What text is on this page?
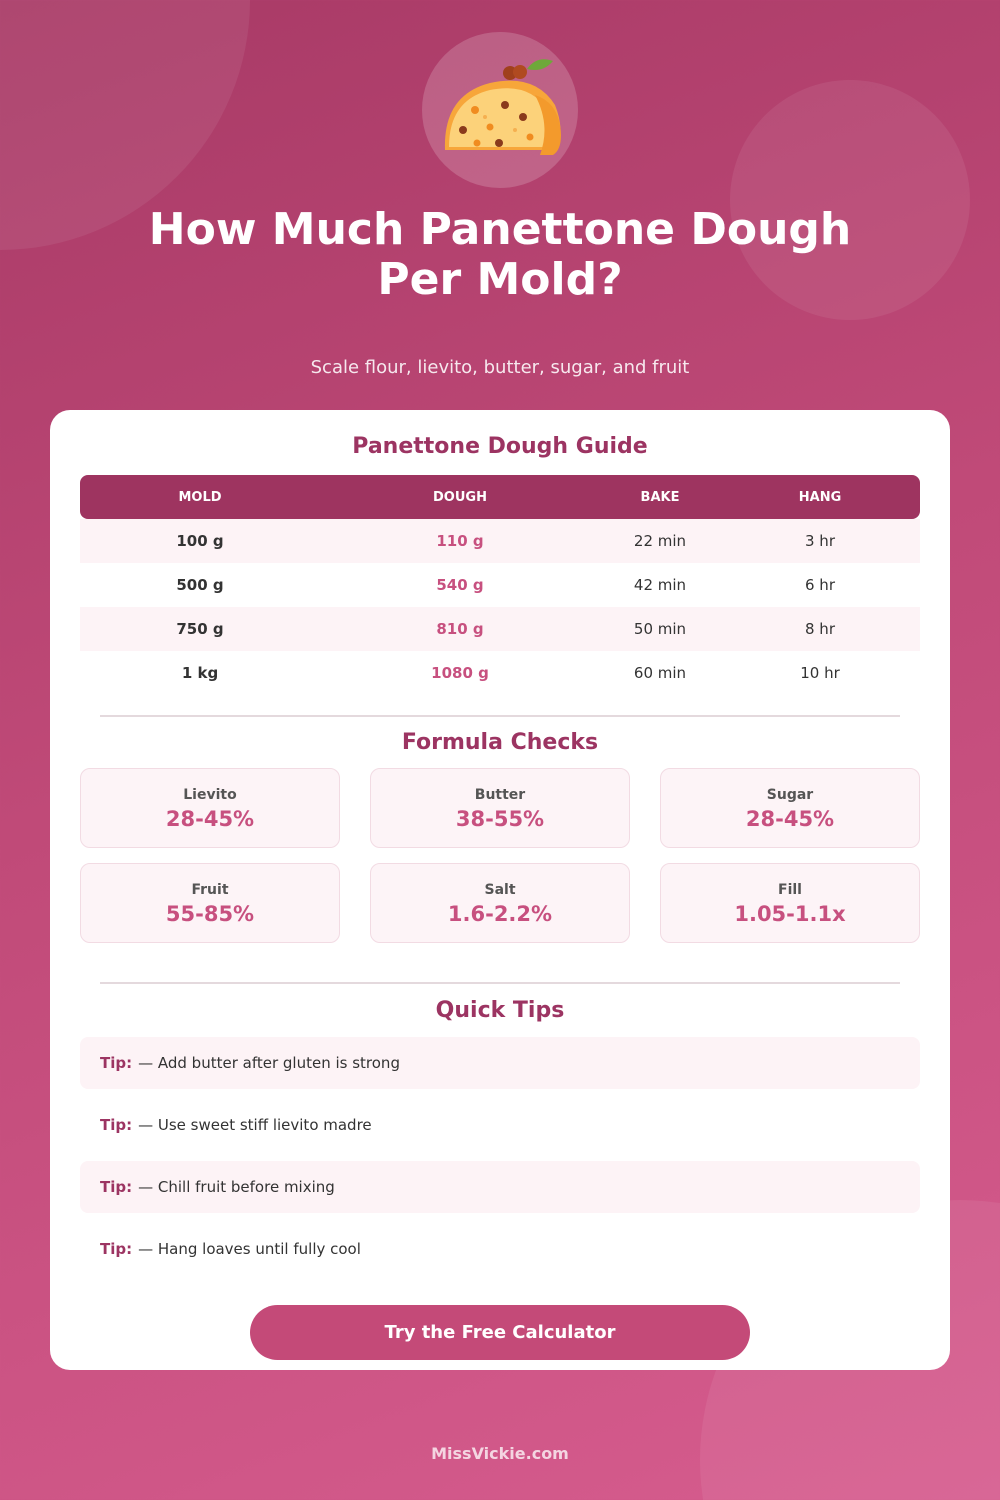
How Much Panettone Dough
Per Mold?
Scale flour, lievito, butter, sugar, and fruit
Panettone Dough Guide
MOLD	DOUGH	BAKE	HANG
100 g	110 g	22 min	3 hr
500 g	540 g	42 min	6 hr
750 g	810 g	50 min	8 hr
1 kg	1080 g	60 min	10 hr
Formula Checks
Lievito
28-45%
Butter
38-55%
Sugar
28-45%
Fruit
55-85%
Salt
1.6-2.2%
Fill
1.05-1.1x
Quick Tips
Tip: — Add butter after gluten is strong
Tip: — Use sweet stiff lievito madre
Tip: — Chill fruit before mixing
Tip: — Hang loaves until fully cool
Try the Free Calculator
MissVickie.com
